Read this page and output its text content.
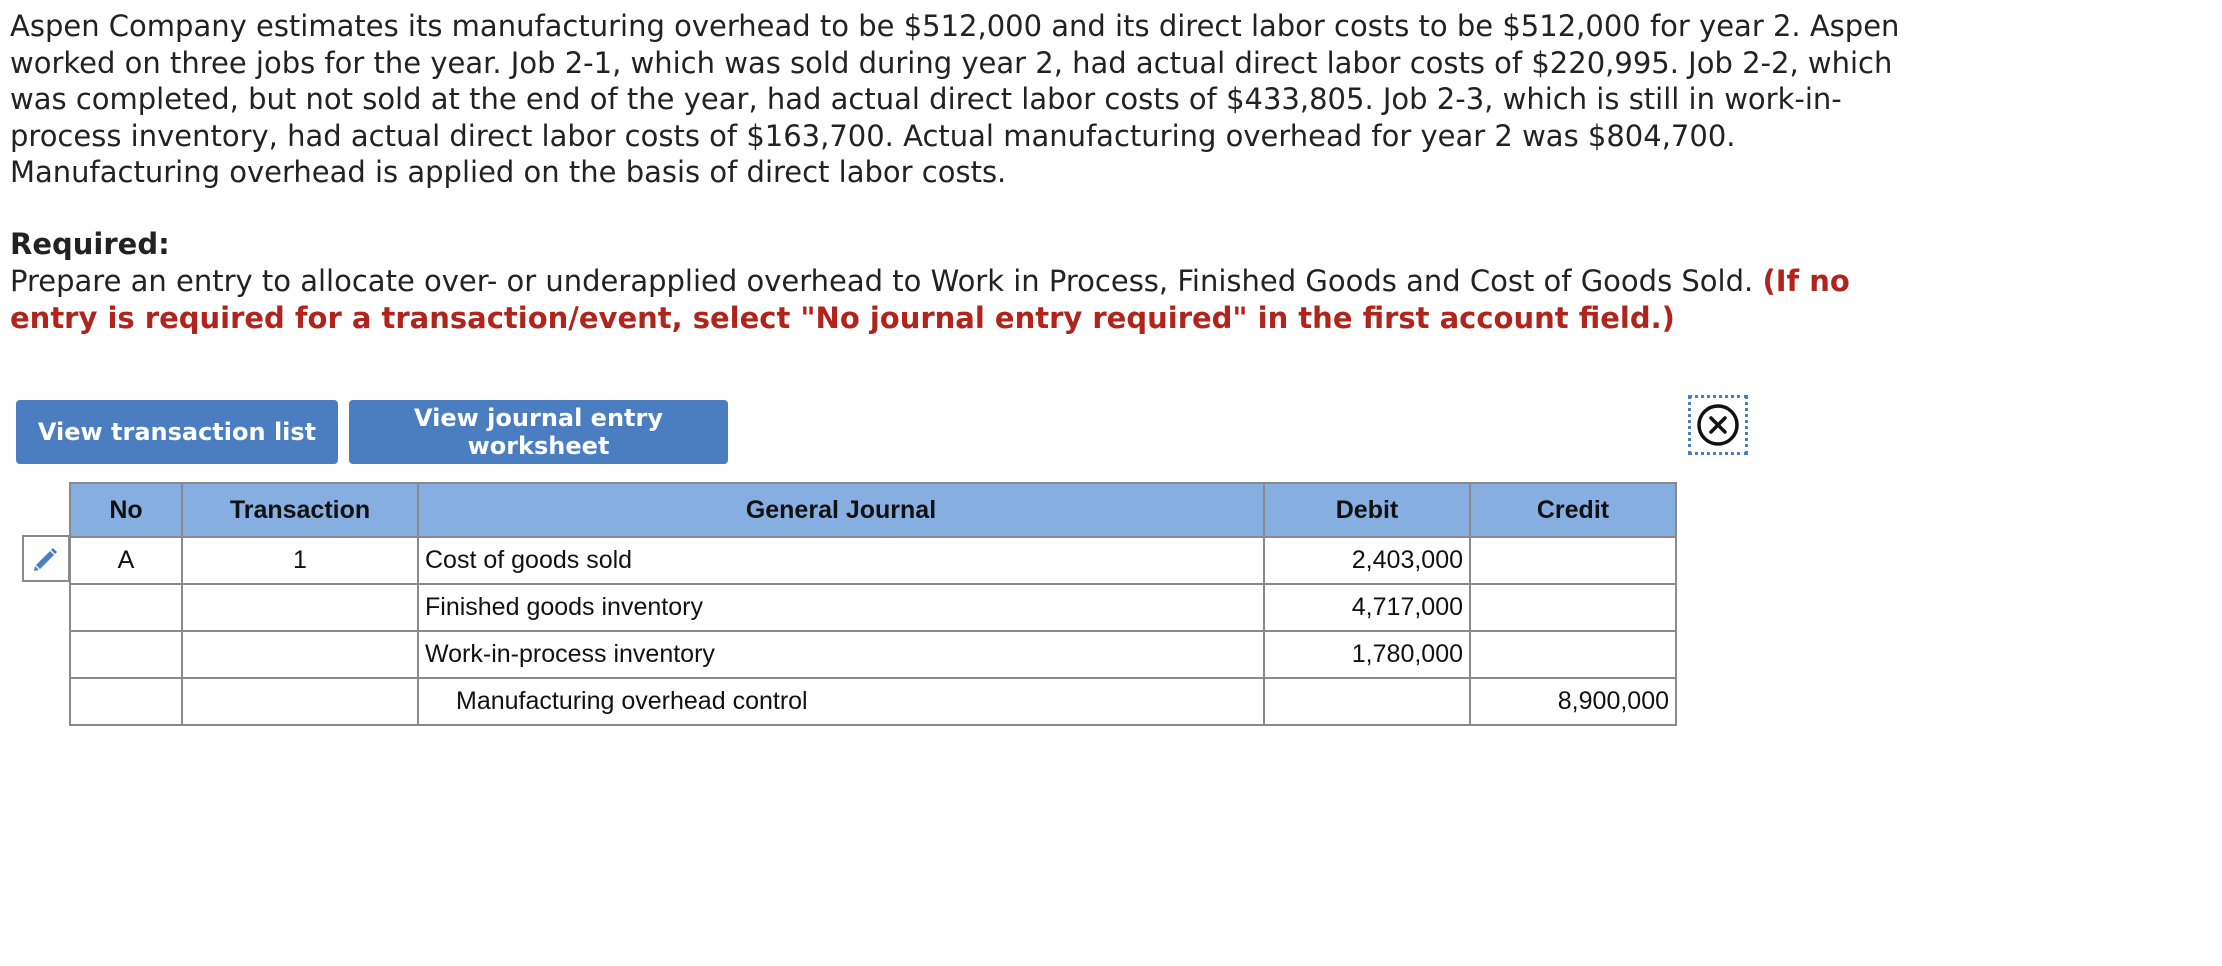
Aspen Company estimates its manufacturing overhead to be $512,000 and its direct labor costs to be $512,000 for year 2. Aspen worked on three jobs for the year. Job 2-1, which was sold during year 2, had actual direct labor costs of $220,995. Job 2-2, which was completed, but not sold at the end of the year, had actual direct labor costs of $433,805. Job 2-3, which is still in work-in-process inventory, had actual direct labor costs of $163,700. Actual manufacturing overhead for year 2 was $804,700. Manufacturing overhead is applied on the basis of direct labor costs.

Required:

Prepare an entry to allocate over- or underapplied overhead to Work in Process, Finished Goods and Cost of Goods Sold. (If no entry is required for a transaction/event, select "No journal entry required" in the first account field.)

View transaction list	View journal entry worksheet
No	Transaction	General Journal	Debit	Credit
A	1	Cost of goods sold	2,403,000	
		Finished goods inventory	4,717,000	
		Work-in-process inventory	1,780,000	
		Manufacturing overhead control		8,900,000
